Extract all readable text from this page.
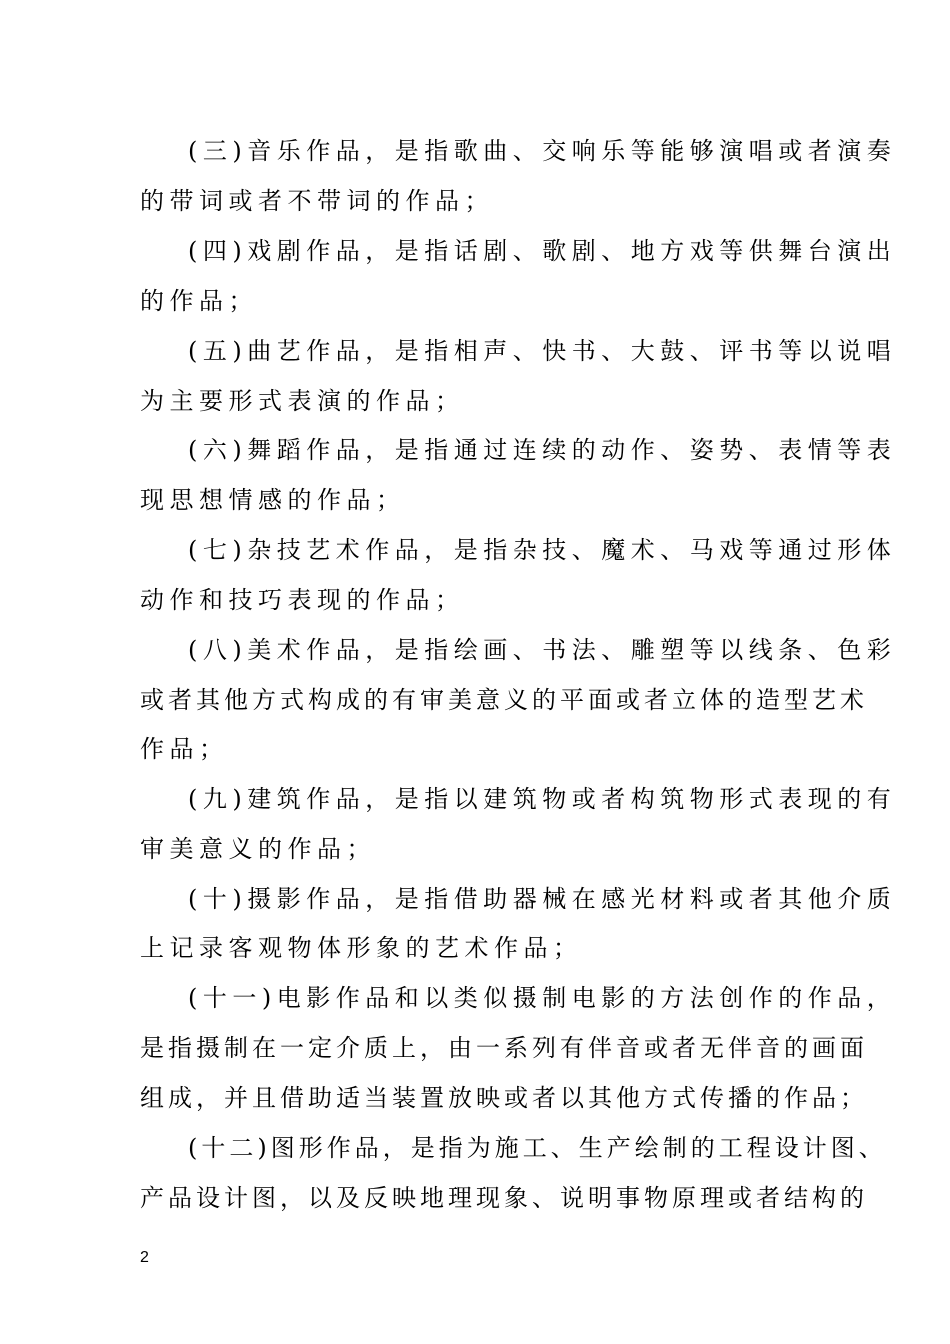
(三)音乐作品，是指歌曲、交响乐等能够演唱或者演奏
的带词或者不带词的作品；
(四)戏剧作品，是指话剧、歌剧、地方戏等供舞台演出
的作品；
(五)曲艺作品，是指相声、快书、大鼓、评书等以说唱
为主要形式表演的作品；
(六)舞蹈作品，是指通过连续的动作、姿势、表情等表
现思想情感的作品；
(七)杂技艺术作品，是指杂技、魔术、马戏等通过形体
动作和技巧表现的作品；
(八)美术作品，是指绘画、书法、雕塑等以线条、色彩
或者其他方式构成的有审美意义的平面或者立体的造型艺术
作品；
(九)建筑作品，是指以建筑物或者构筑物形式表现的有
审美意义的作品；
(十)摄影作品，是指借助器械在感光材料或者其他介质
上记录客观物体形象的艺术作品；
(十一)电影作品和以类似摄制电影的方法创作的作品，
是指摄制在一定介质上，由一系列有伴音或者无伴音的画面
组成，并且借助适当装置放映或者以其他方式传播的作品；
(十二)图形作品，是指为施工、生产绘制的工程设计图、
产品设计图，以及反映地理现象、说明事物原理或者结构的
2
